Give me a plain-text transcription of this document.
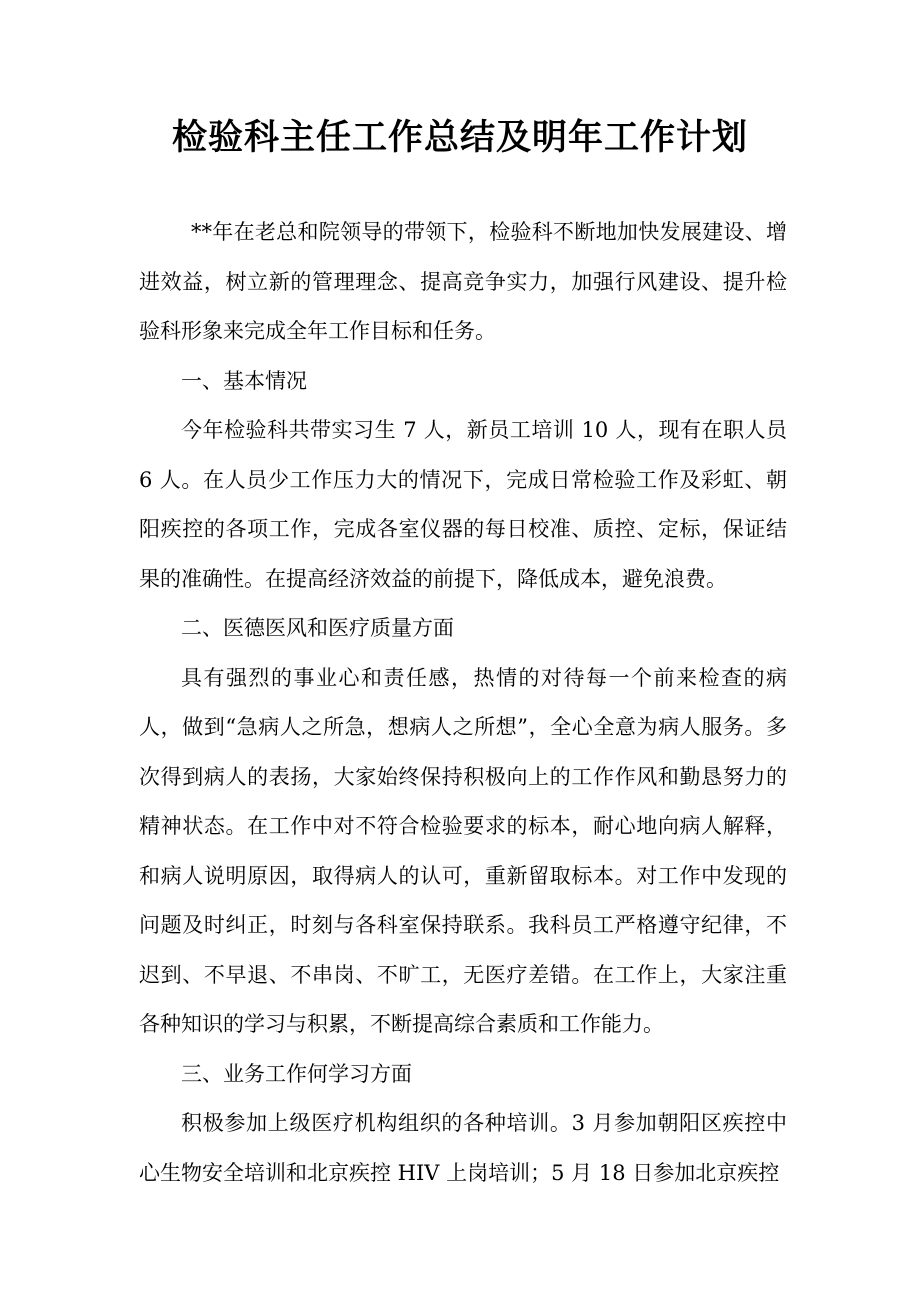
检验科主任工作总结及明年工作计划

**年在老总和院领导的带领下，检验科不断地加快发展建设、增进效益，树立新的管理理念、提高竞争实力，加强行风建设、提升检验科形象来完成全年工作目标和任务。

一、基本情况

今年检验科共带实习生 7 人，新员工培训 10 人，现有在职人员 6 人。在人员少工作压力大的情况下，完成日常检验工作及彩虹、朝阳疾控的各项工作，完成各室仪器的每日校准、质控、定标，保证结果的准确性。在提高经济效益的前提下，降低成本，避免浪费。

二、医德医风和医疗质量方面

具有强烈的事业心和责任感，热情的对待每一个前来检查的病人，做到“急病人之所急，想病人之所想”，全心全意为病人服务。多次得到病人的表扬，大家始终保持积极向上的工作作风和勤恳努力的精神状态。在工作中对不符合检验要求的标本，耐心地向病人解释，和病人说明原因，取得病人的认可，重新留取标本。对工作中发现的问题及时纠正，时刻与各科室保持联系。我科员工严格遵守纪律，不迟到、不早退、不串岗、不旷工，无医疗差错。在工作上，大家注重各种知识的学习与积累，不断提高综合素质和工作能力。

三、业务工作何学习方面

积极参加上级医疗机构组织的各种培训。3 月参加朝阳区疾控中心生物安全培训和北京疾控 HIV 上岗培训；5 月 18 日参加北京疾控
